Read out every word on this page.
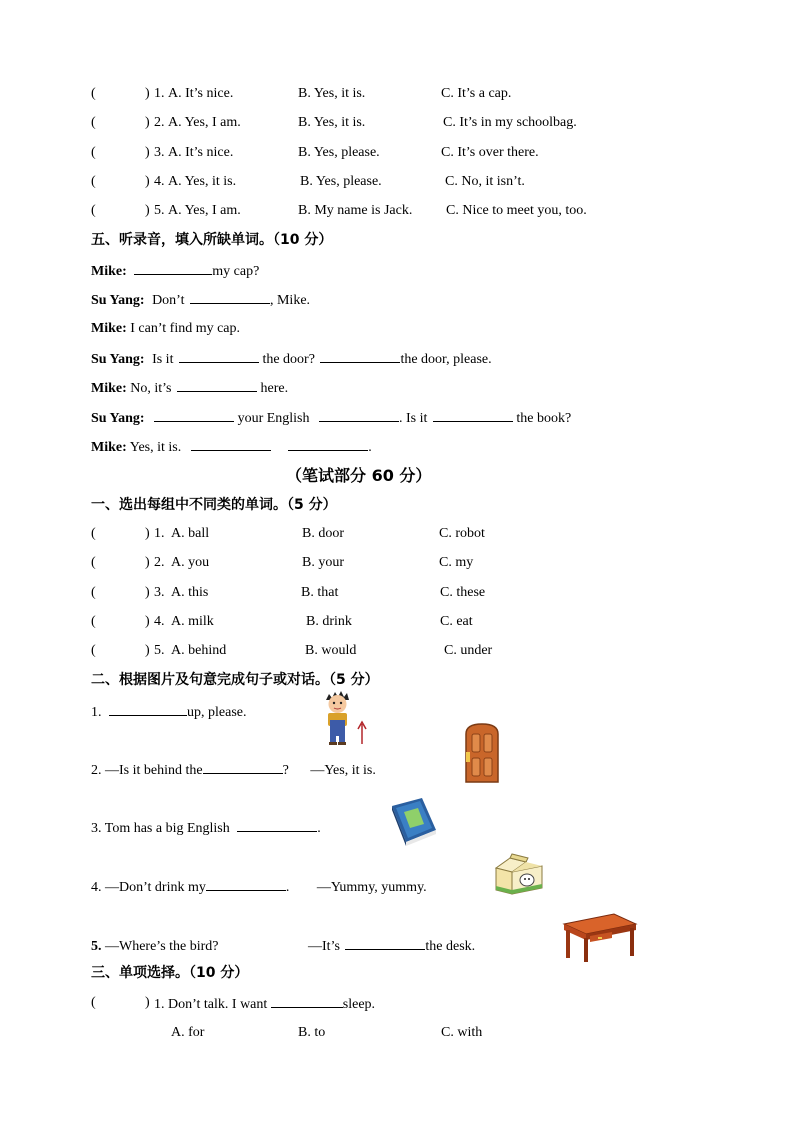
(	) 1. A. It’s nice.	B. Yes, it is.	C. It’s a cap.
(	) 2. A. Yes, I am.	B. Yes, it is.	C. It’s in my schoolbag.
(	) 3. A. It’s nice.	B. Yes, please.	C. It’s over there.
(	) 4. A. Yes, it is.	B. Yes, please.	C. No, it isn’t.
(	) 5. A. Yes, I am.	B. My name is Jack. C. Nice to meet you, too.
五、听录音，填入所缺单词。（10 分）
Mike:	my cap?
Su Yang: Don’t	, Mike.
Mike: I can’t find my cap.
Su Yang: Is it	the door?	the door, please.
Mike: No, it’s	here.
Su Yang:	your English	. Is it	the book?
Mike: Yes, it is.	.
（笔试部分 60 分）
一、选出每组中不同类的单词。（5 分）
(	) 1. A. ball	B. door	C. robot
(	) 2. A. you	B. your	C. my
(	) 3. A. this	B. that	C. these
(	) 4. A. milk	B. drink	C. eat
(	) 5. A. behind	B. would	C. under
二、根据图片及句意完成句子或对话。（5 分）
1.	up, please.
2. —Is it behind the	? —Yes, it is.
3. Tom has a big English	.
4. —Don’t drink my	. —Yummy, yummy.
5. —Where’s the bird?	—It’s	the desk.
三、单项选择。（10 分）
(	) 1. Don’t talk. I want	sleep.
A. for	B. to	C. with
